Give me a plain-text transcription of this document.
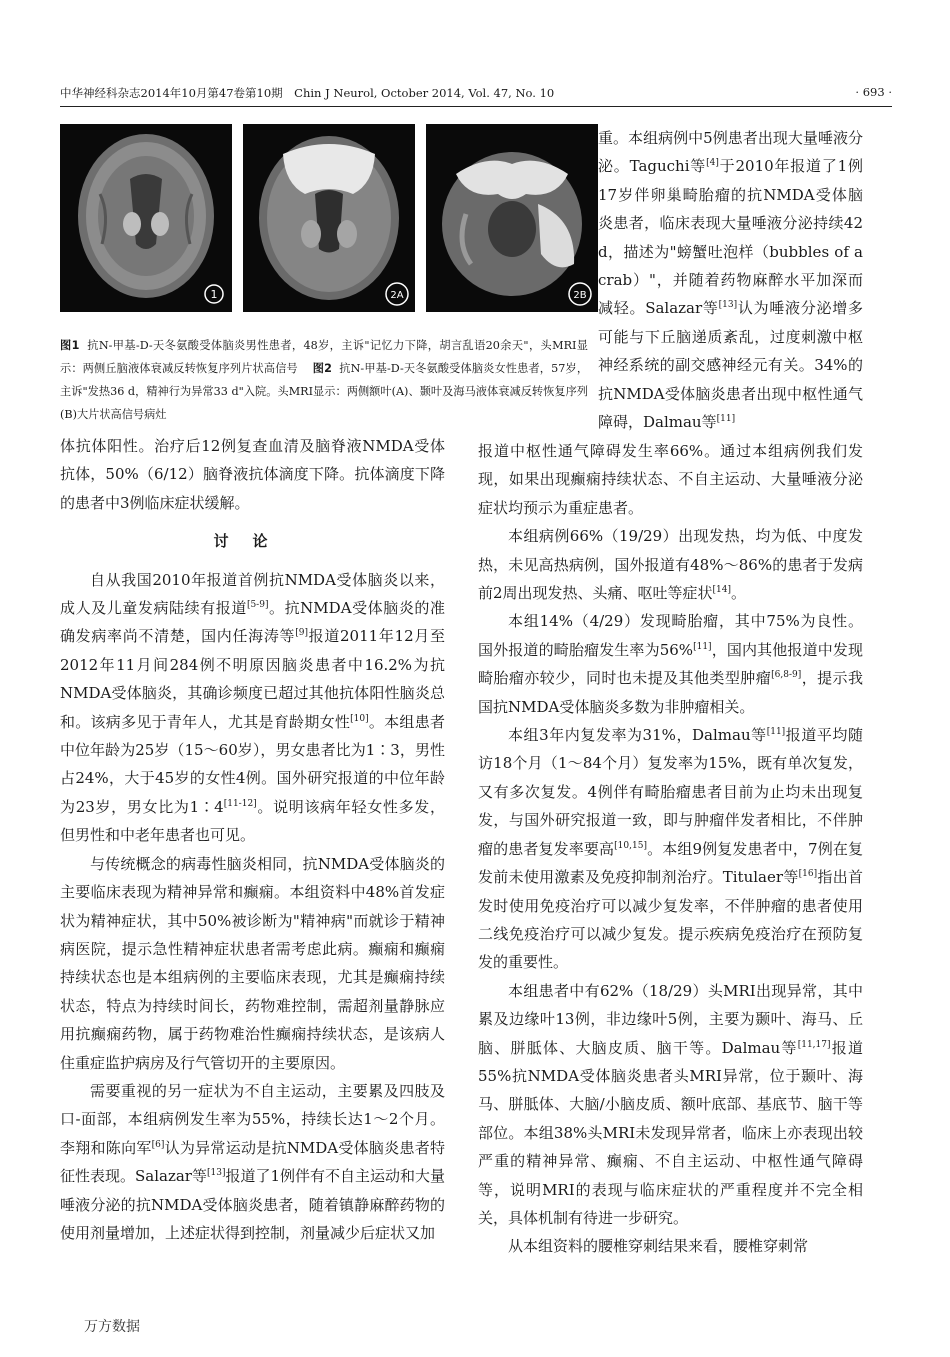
中华神经科杂志2014年10月第47卷第10期　Chin J Neurol, October 2014, Vol. 47, No. 10	· 693 ·
1	2A	2B
图1 抗N-甲基-D-天冬氨酸受体脑炎男性患者，48岁，主诉"记忆力下降，胡言乱语20余天"，头MRI显示：两侧丘脑液体衰减反转恢复序列片状高信号  图2 抗N-甲基-D-天冬氨酸受体脑炎女性患者，57岁，主诉"发热36 d，精神行为异常33 d"入院。头MRI显示：两侧额叶(A)、颞叶及海马液体衰减反转恢复序列(B)大片状高信号病灶

重。本组病例中5例患者出现大量唾液分泌。Taguchi等[4]于2010年报道了1例17岁伴卵巢畸胎瘤的抗NMDA受体脑炎患者，临床表现大量唾液分泌持续42 d，描述为"螃蟹吐泡样（bubbles of a crab）"，并随着药物麻醉水平加深而减轻。Salazar等[13]认为唾液分泌增多可能与下丘脑递质紊乱，过度刺激中枢神经系统的副交感神经元有关。34%的抗NMDA受体脑炎患者出现中枢性通气障碍，Dalmau等[11]

体抗体阳性。治疗后12例复查血清及脑脊液NMDA受体抗体，50%（6/12）脑脊液抗体滴度下降。抗体滴度下降的患者中3例临床症状缓解。

讨论

自从我国2010年报道首例抗NMDA受体脑炎以来，成人及儿童发病陆续有报道[5-9]。抗NMDA受体脑炎的准确发病率尚不清楚，国内任海涛等[9]报道2011年12月至2012年11月间284例不明原因脑炎患者中16.2%为抗NMDA受体脑炎，其确诊频度已超过其他抗体阳性脑炎总和。该病多见于青年人，尤其是育龄期女性[10]。本组患者中位年龄为25岁（15～60岁），男女患者比为1∶3，男性占24%，大于45岁的女性4例。国外研究报道的中位年龄为23岁，男女比为1∶4[11-12]。说明该病年轻女性多发，但男性和中老年患者也可见。

与传统概念的病毒性脑炎相同，抗NMDA受体脑炎的主要临床表现为精神异常和癫痫。本组资料中48%首发症状为精神症状，其中50%被诊断为"精神病"而就诊于精神病医院，提示急性精神症状患者需考虑此病。癫痫和癫痫持续状态也是本组病例的主要临床表现，尤其是癫痫持续状态，特点为持续时间长，药物难控制，需超剂量静脉应用抗癫痫药物，属于药物难治性癫痫持续状态，是该病人住重症监护病房及行气管切开的主要原因。

需要重视的另一症状为不自主运动，主要累及四肢及口-面部，本组病例发生率为55%，持续长达1～2个月。李翔和陈向军[6]认为异常运动是抗NMDA受体脑炎患者特征性表现。Salazar等[13]报道了1例伴有不自主运动和大量唾液分泌的抗NMDA受体脑炎患者，随着镇静麻醉药物的使用剂量增加，上述症状得到控制，剂量减少后症状又加

报道中枢性通气障碍发生率66%。通过本组病例我们发现，如果出现癫痫持续状态、不自主运动、大量唾液分泌症状均预示为重症患者。

本组病例66%（19/29）出现发热，均为低、中度发热，未见高热病例，国外报道有48%～86%的患者于发病前2周出现发热、头痛、呕吐等症状[14]。

本组14%（4/29）发现畸胎瘤，其中75%为良性。国外报道的畸胎瘤发生率为56%[11]，国内其他报道中发现畸胎瘤亦较少，同时也未提及其他类型肿瘤[6,8-9]，提示我国抗NMDA受体脑炎多数为非肿瘤相关。

本组3年内复发率为31%，Dalmau等[11]报道平均随访18个月（1～84个月）复发率为15%，既有单次复发，又有多次复发。4例伴有畸胎瘤患者目前为止均未出现复发，与国外研究报道一致，即与肿瘤伴发者相比，不伴肿瘤的患者复发率要高[10,15]。本组9例复发患者中，7例在复发前未使用激素及免疫抑制剂治疗。Titulaer等[16]指出首发时使用免疫治疗可以减少复发率，不伴肿瘤的患者使用二线免疫治疗可以减少复发。提示疾病免疫治疗在预防复发的重要性。

本组患者中有62%（18/29）头MRI出现异常，其中累及边缘叶13例，非边缘叶5例，主要为颞叶、海马、丘脑、胼胝体、大脑皮质、脑干等。Dalmau等[11,17]报道55%抗NMDA受体脑炎患者头MRI异常，位于颞叶、海马、胼胝体、大脑/小脑皮质、额叶底部、基底节、脑干等部位。本组38%头MRI未发现异常者，临床上亦表现出较严重的精神异常、癫痫、不自主运动、中枢性通气障碍等，说明MRI的表现与临床症状的严重程度并不完全相关，具体机制有待进一步研究。

从本组资料的腰椎穿刺结果来看，腰椎穿刺常

万方数据
